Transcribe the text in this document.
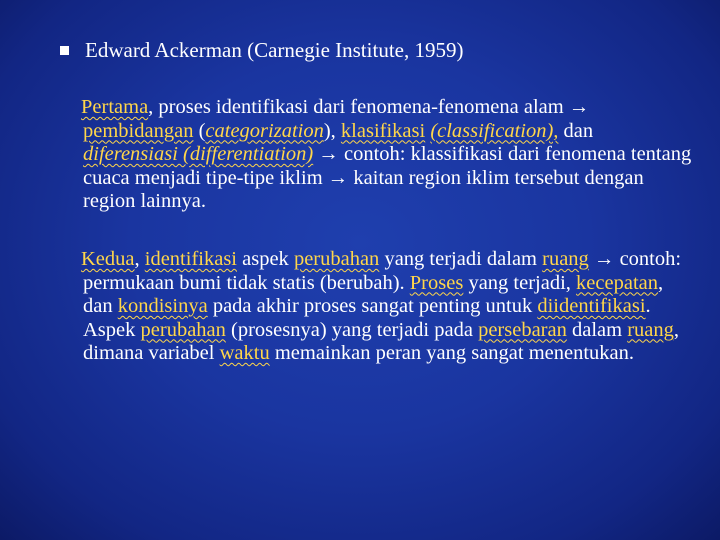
Edward Ackerman (Carnegie Institute, 1959)
Pertama, proses identifikasi dari fenomena-fenomena alam → pembidangan (categorization), klasifikasi (classification), dan diferensiasi (differentiation) → contoh: klassifikasi dari fenomena tentang cuaca menjadi tipe-tipe iklim → kaitan region iklim tersebut dengan region lainnya.
Kedua, identifikasi aspek perubahan yang terjadi dalam ruang → contoh: permukaan bumi tidak statis (berubah). Proses yang terjadi, kecepatan, dan kondisinya pada akhir proses sangat penting untuk diidentifikasi. Aspek perubahan (prosesnya) yang terjadi pada persebaran dalam ruang, dimana variabel waktu memainkan peran yang sangat menentukan.
